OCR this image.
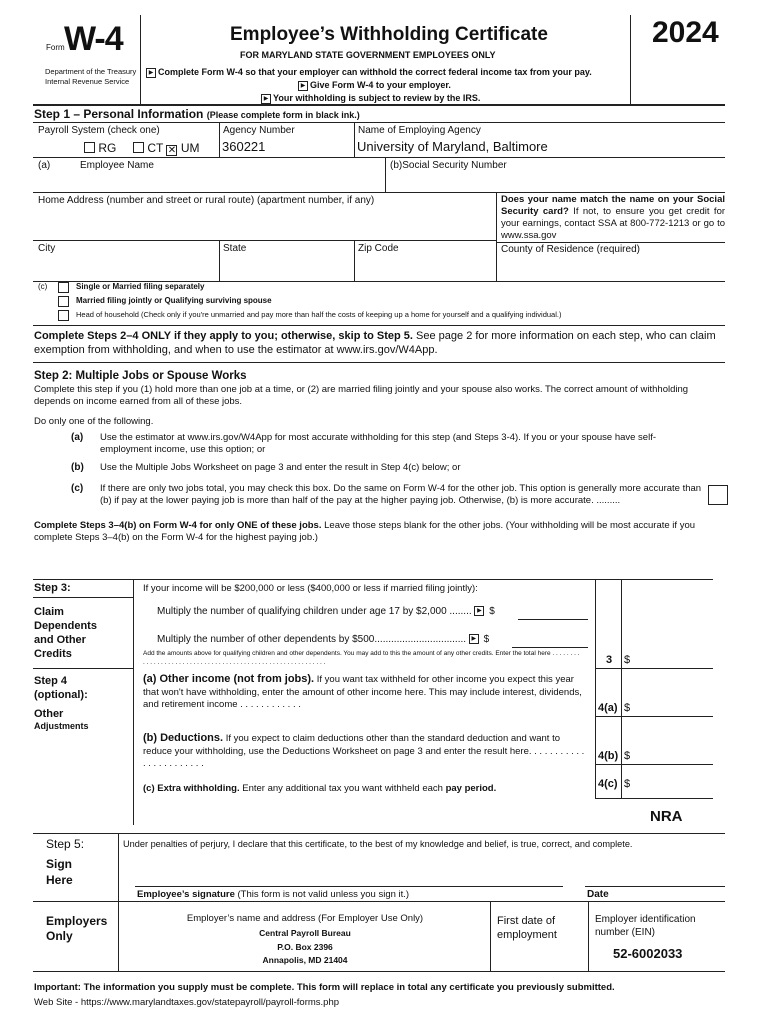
Form W-4
Department of the Treasury
Internal Revenue Service
Employee’s Withholding Certificate
FOR MARYLAND STATE GOVERNMENT EMPLOYEES ONLY
▶ Complete Form W-4 so that your employer can withhold the correct federal income tax from your pay.
▶ Give Form W-4 to your employer.
▶ Your withholding is subject to review by the IRS.
2024
Step 1 – Personal Information (Please complete form in black ink.)
Payroll System (check one)
RG	CT ✕ UM
Agency Number
360221
Name of Employing Agency
University of Maryland, Baltimore
(a)	Employee Name	(b)Social Security Number
Home Address (number and street or rural route) (apartment number, if any)	Does your name match the name on your Social Security card? If not, to ensure you get credit for your earnings, contact SSA at 800-772-1213 or go to www.ssa.gov
City	State	Zip Code	County of Residence (required)
(c)	Single or Married filing separately
Married filing jointly or Qualifying surviving spouse
Head of household (Check only if you're unmarried and pay more than half the costs of keeping up a home for yourself and a qualifying individual.)
Complete Steps 2–4 ONLY if they apply to you; otherwise, skip to Step 5. See page 2 for more information on each step, who can claim exemption from withholding, and when to use the estimator at www.irs.gov/W4App.
Step 2: Multiple Jobs or Spouse Works
Complete this step if you (1) hold more than one job at a time, or (2) are married filing jointly and your spouse also works. The correct amount of withholding depends on income earned from all of these jobs.
Do only one of the following.
(a) Use the estimator at www.irs.gov/W4App for most accurate withholding for this step (and Steps 3-4). If you or your spouse have self-employment income, use this option; or
(b) Use the Multiple Jobs Worksheet on page 3 and enter the result in Step 4(c) below; or
(c) If there are only two jobs total, you may check this box. Do the same on Form W-4 for the other job. This option is generally more accurate than (b) if pay at the lower paying job is more than half of the pay at the higher paying job. Otherwise, (b) is more accurate. .........
Complete Steps 3–4(b) on Form W-4 for only ONE of these jobs. Leave those steps blank for the other jobs. (Your withholding will be most accurate if you complete Steps 3–4(b) on the Form W-4 for the highest paying job.)
Step 3:	If your income will be $200,000 or less ($400,000 or less if married filing jointly):
Claim
Dependents
and Other
Credits
Multiply the number of qualifying children under age 17 by $2,000 ........ ▶ $
Multiply the number of other dependents by $500................................. ▶ $
Add the amounts above for qualifying children and other dependents. You may add to this the amount of any other credits. Enter the total here . . . . . . . . . . . . . . . . . . . . . . . . . . . . . . . . . . . . . . . . . . . . . . . . . . . . . . . . . . .	3 $
Step 4
(optional):
Other
Adjustments
(a) Other income (not from jobs). If you want tax withheld for other income you expect this year that won't have withholding, enter the amount of other income here. This may include interest, dividends, and retirement income . . . . . . . . . . . .	4(a) $
(b) Deductions. If you expect to claim deductions other than the standard deduction and want to reduce your withholding, use the Deductions Worksheet on page 3 and enter the result here. . . . . . . . . . . . . . . . . . . . . . .
4(b) $
(c) Extra withholding. Enter any additional tax you want withheld each pay period.	4(c) $
NRA
Step 5:
Sign
Here
Under penalties of perjury, I declare that this certificate, to the best of my knowledge and belief, is true, correct, and complete.
Employee’s signature (This form is not valid unless you sign it.)	Date
Employers
Only
Employer’s name and address (For Employer Use Only)
Central Payroll Bureau
P.O. Box 2396
Annapolis, MD 21404
First date of employment
Employer identification number (EIN)
52-6002033
Important: The information you supply must be complete. This form will replace in total any certificate you previously submitted. Web Site - https://www.marylandtaxes.gov/statepayroll/payroll-forms.php
